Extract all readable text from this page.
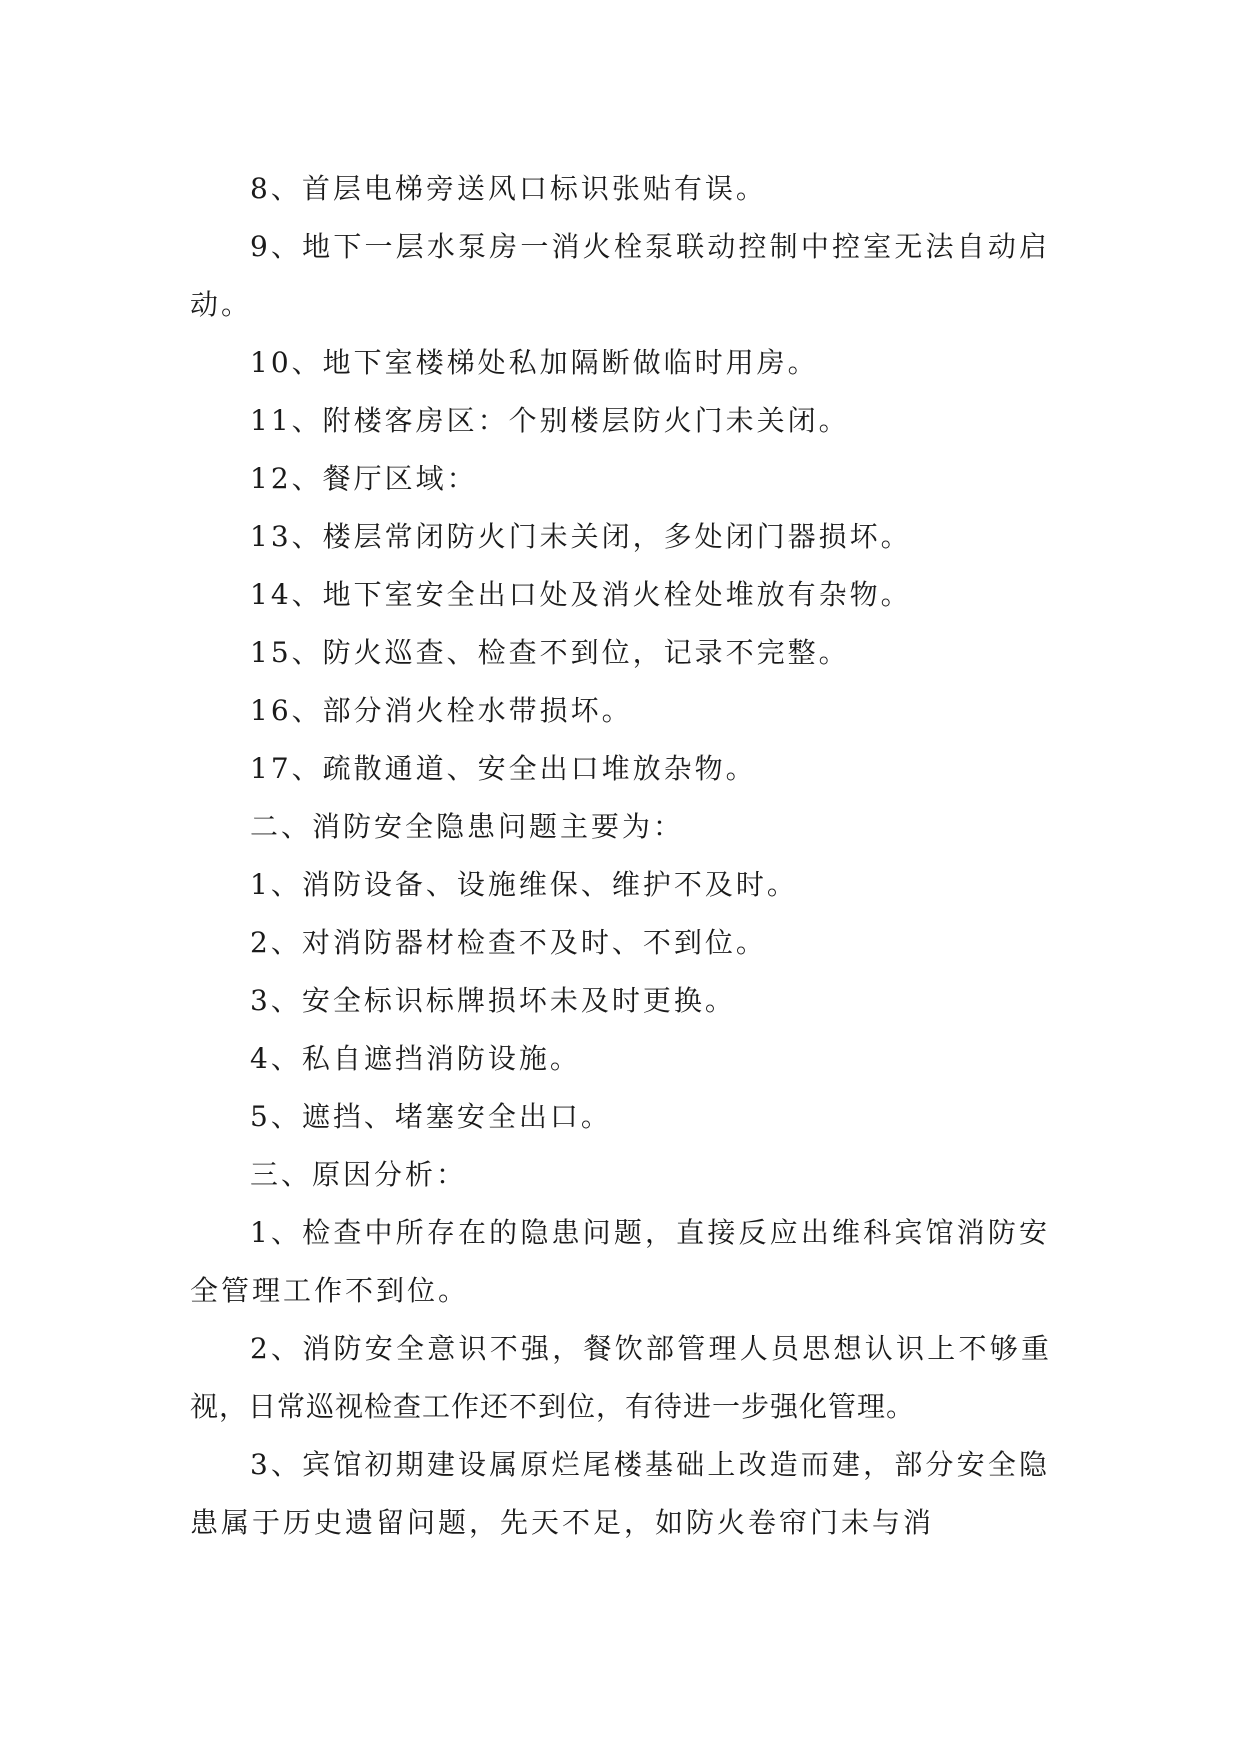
8、首层电梯旁送风口标识张贴有误。

9、地下一层水泵房一消火栓泵联动控制中控室无法自动启动。

10、地下室楼梯处私加隔断做临时用房。

11、附楼客房区：个别楼层防火门未关闭。

12、餐厅区域：

13、楼层常闭防火门未关闭，多处闭门器损坏。

14、地下室安全出口处及消火栓处堆放有杂物。

15、防火巡查、检查不到位，记录不完整。

16、部分消火栓水带损坏。

17、疏散通道、安全出口堆放杂物。

二、消防安全隐患问题主要为：

1、消防设备、设施维保、维护不及时。

2、对消防器材检查不及时、不到位。

3、安全标识标牌损坏未及时更换。

4、私自遮挡消防设施。

5、遮挡、堵塞安全出口。

三、原因分析：

1、检查中所存在的隐患问题，直接反应出维科宾馆消防安全管理工作不到位。

2、消防安全意识不强，餐饮部管理人员思想认识上不够重视，日常巡视检查工作还不到位，有待进一步强化管理。

3、宾馆初期建设属原烂尾楼基础上改造而建，部分安全隐患属于历史遗留问题，先天不足，如防火卷帘门未与消
